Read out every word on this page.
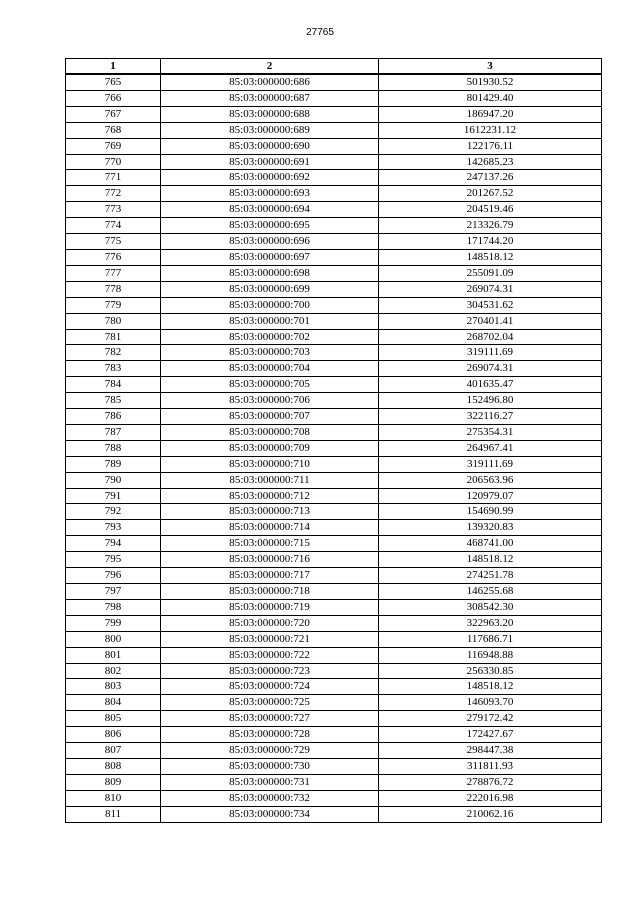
27765
1	2	3
765	85:03:000000:686	501930.52
766	85:03:000000:687	801429.40
767	85:03:000000:688	186947.20
768	85:03:000000:689	1612231.12
769	85:03:000000:690	122176.11
770	85:03:000000:691	142685.23
771	85:03:000000:692	247137.26
772	85:03:000000:693	201267.52
773	85:03:000000:694	204519.46
774	85:03:000000:695	213326.79
775	85:03:000000:696	171744.20
776	85:03:000000:697	148518.12
777	85:03:000000:698	255091.09
778	85:03:000000:699	269074.31
779	85:03:000000:700	304531.62
780	85:03:000000:701	270401.41
781	85:03:000000:702	268702.04
782	85:03:000000:703	319111.69
783	85:03:000000:704	269074.31
784	85:03:000000:705	401635.47
785	85:03:000000:706	152496.80
786	85:03:000000:707	322116.27
787	85:03:000000:708	275354.31
788	85:03:000000:709	264967.41
789	85:03:000000:710	319111.69
790	85:03:000000:711	206563.96
791	85:03:000000:712	120979.07
792	85:03:000000:713	154690.99
793	85:03:000000:714	139320.83
794	85:03:000000:715	468741.00
795	85:03:000000:716	148518.12
796	85:03:000000:717	274251.78
797	85:03:000000:718	146255.68
798	85:03:000000:719	308542.30
799	85:03:000000:720	322963.20
800	85:03:000000:721	117686.71
801	85:03:000000:722	116948.88
802	85:03:000000:723	256330.85
803	85:03:000000:724	148518.12
804	85:03:000000:725	146093.70
805	85:03:000000:727	279172.42
806	85:03:000000:728	172427.67
807	85:03:000000:729	298447.38
808	85:03:000000:730	311811.93
809	85:03:000000:731	278876.72
810	85:03:000000:732	222016.98
811	85:03:000000:734	210062.16
